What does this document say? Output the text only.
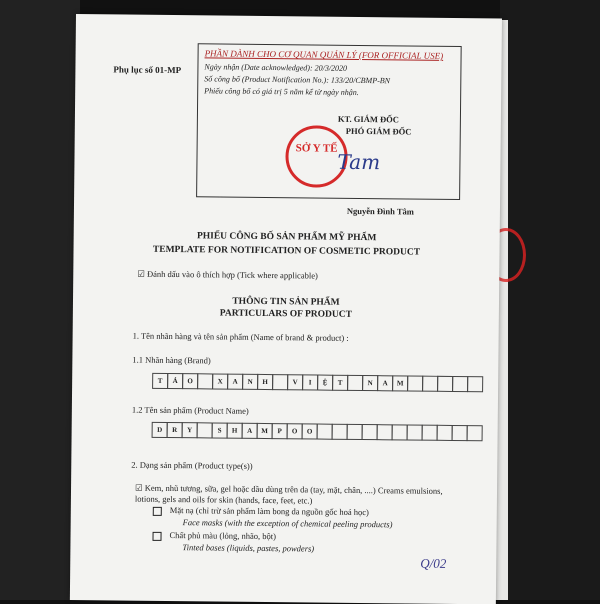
Phụ lục số 01-MP
PHẦN DÀNH CHO CƠ QUAN QUẢN LÝ (FOR OFFICIAL USE)
Ngày nhận (Date acknowledged): 20/3/2020
Số công bố (Product Notification No.): 133/20/CBMP-BN
Phiếu công bố có giá trị 5 năm kể từ ngày nhận.
KT. GIÁM ĐỐC
PHÓ GIÁM ĐỐC
SỞ Y TẾ
Tam
Nguyễn Đình Tâm
PHIẾU CÔNG BỐ SẢN PHẨM MỸ PHẨM
TEMPLATE FOR NOTIFICATION OF COSMETIC PRODUCT
☑ Đánh dấu vào ô thích hợp (Tick where applicable)
THÔNG TIN SẢN PHẨM
PARTICULARS OF PRODUCT
1. Tên nhãn hàng và tên sản phẩm (Name of brand & product) :
1.1 Nhãn hàng (Brand)
T	Á	O	X	A	N	H	V	I	Ệ	T	N	A	M
1.2 Tên sản phẩm (Product Name)
D	R	Y	S	H	A	M	P	O	O
2. Dạng sản phẩm (Product type(s))
☑ Kem, nhũ tương, sữa, gel hoặc dầu dùng trên da (tay, mặt, chân, ....) Creams emulsions, lotions, gels and oils for skin (hands, face, feet, etc.)
Mặt nạ (chỉ trừ sản phẩm làm bong da nguồn gốc hoá học)
Face masks (with the exception of chemical peeling products)
Chất phủ màu (lỏng, nhão, bột)
Tinted bases (liquids, pastes, powders)
Q/02
